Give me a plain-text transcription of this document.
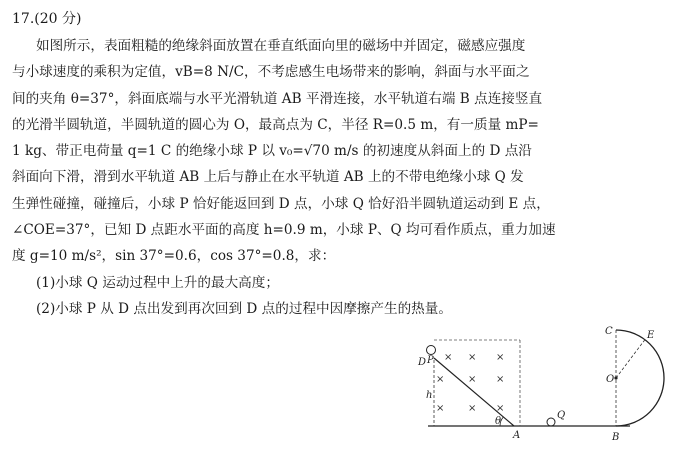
17.(20 分)
如图所示，表面粗糙的绝缘斜面放置在垂直纸面向里的磁场中并固定，磁感应强度
与小球速度的乘积为定值，vB=8 N/C，不考虑感生电场带来的影响，斜面与水平面之
间的夹角 θ=37°，斜面底端与水平光滑轨道 AB 平滑连接，水平轨道右端 B 点连接竖直
的光滑半圆轨道，半圆轨道的圆心为 O，最高点为 C，半径 R=0.5 m，有一质量 mP=
1 kg、带正电荷量 q=1 C 的绝缘小球 P 以 v₀=√70 m/s 的初速度从斜面上的 D 点沿
斜面向下滑，滑到水平轨道 AB 上后与静止在水平轨道 AB 上的不带电绝缘小球 Q 发
生弹性碰撞，碰撞后，小球 P 恰好能返回到 D 点，小球 Q 恰好沿半圆轨道运动到 E 点，
∠COE=37°，已知 D 点距水平面的高度 h=0.9 m，小球 P、Q 均可看作质点，重力加速
度 g=10 m/s²，sin 37°=0.6，cos 37°=0.8，求：
(1)小球 Q 运动过程中上升的最大高度；
(2)小球 P 从 D 点出发到再次回到 D 点的过程中因摩擦产生的热量。
× × ×
× × ×
× × ×
D P
h
θ
A
Q
C	E
O
B
